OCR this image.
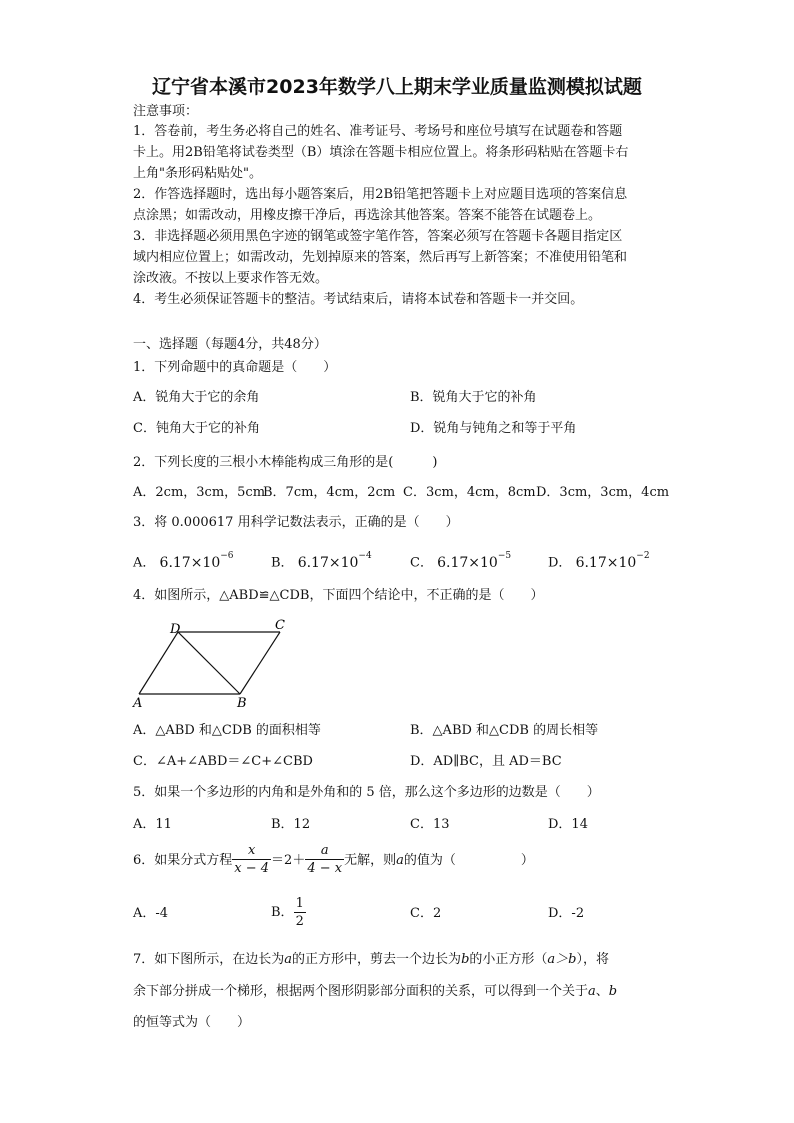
辽宁省本溪市2023年数学八上期末学业质量监测模拟试题
注意事项：
1．答卷前，考生务必将自己的姓名、准考证号、考场号和座位号填写在试题卷和答题
卡上。用2B铅笔将试卷类型（B）填涂在答题卡相应位置上。将条形码粘贴在答题卡右
上角"条形码粘贴处"。
2．作答选择题时，选出每小题答案后，用2B铅笔把答题卡上对应题目选项的答案信息
点涂黑；如需改动，用橡皮擦干净后，再选涂其他答案。答案不能答在试题卷上。
3．非选择题必须用黑色字迹的钢笔或签字笔作答，答案必须写在答题卡各题目指定区
域内相应位置上；如需改动，先划掉原来的答案，然后再写上新答案；不准使用铅笔和
涂改液。不按以上要求作答无效。
4．考生必须保证答题卡的整洁。考试结束后，请将本试卷和答题卡一并交回。
一、选择题（每题4分，共48分）
1．下列命题中的真命题是（　　）
A．锐角大于它的余角	B．锐角大于它的补角
C．钝角大于它的补角	D．锐角与钝角之和等于平角
2．下列长度的三根小木棒能构成三角形的是(　　　)
A．2cm，3cm，5cm
B．7cm，4cm，2cm C．3cm，4cm，8cm D．3cm，3cm，4cm
3．将 0.000617 用科学记数法表示，正确的是（　　）
A． $6.17\times 10^{-6}$	B． $6.17\times 10^{-4}$	C． $6.17\times 10^{-5}$	D． $6.17\times 10^{-2}$
4．如图所示，△ABD≌△CDB，下面四个结论中，不正确的是（　　）
D	C
A	B
A．△ABD 和△CDB 的面积相等	B．△ABD 和△CDB 的周长相等
C．∠A+∠ABD＝∠C+∠CBD	D．AD∥BC，且 AD＝BC
5．如果一个多边形的内角和是外角和的 5 倍，那么这个多边形的边数是（　　）
A．11	B．12	C．13	D．14
6．如果分式方程 $\frac{x}{x - 4} =2+ \frac{a}{4 - x}$ 无解，则a的值为（　　　　　）
A．-4	B． $\frac{1}{2}$	C．2	D．-2
7．如下图所示，在边长为a的正方形中，剪去一个边长为b的小正方形（a＞b），将
余下部分拼成一个梯形，根据两个图形阴影部分面积的关系，可以得到一个关于a、b
的恒等式为（　　）
